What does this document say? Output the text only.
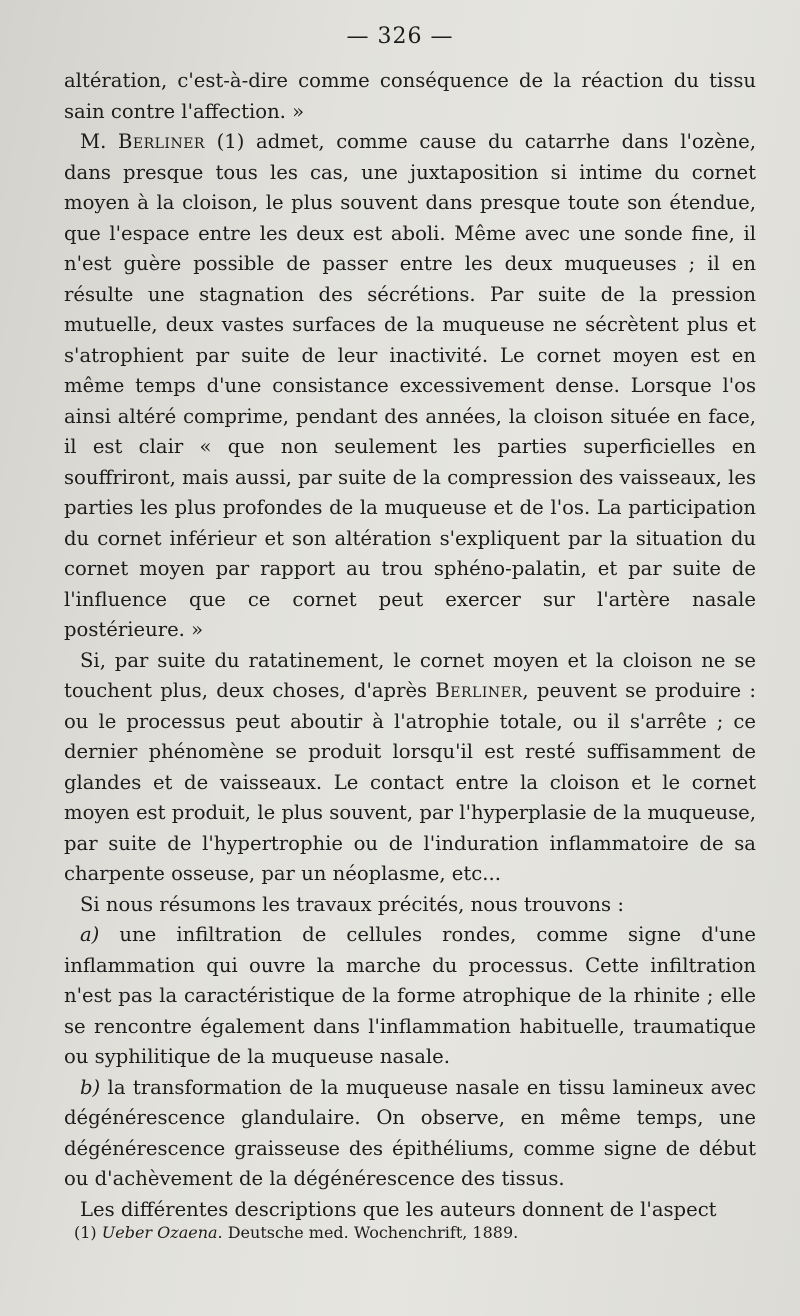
— 326 —

altération, c'est-à-dire comme conséquence de la réaction du tissu sain contre l'affection. »

M. Berliner (1) admet, comme cause du catarrhe dans l'ozène, dans presque tous les cas, une juxtaposition si intime du cornet moyen à la cloison, le plus souvent dans presque toute son étendue, que l'espace entre les deux est aboli. Même avec une sonde fine, il n'est guère possible de passer entre les deux muqueuses ; il en résulte une stagnation des sécrétions. Par suite de la pression mutuelle, deux vastes surfaces de la muqueuse ne sécrètent plus et s'atrophient par suite de leur inactivité. Le cornet moyen est en même temps d'une consistance excessivement dense. Lorsque l'os ainsi altéré comprime, pendant des années, la cloison située en face, il est clair « que non seulement les parties superficielles en souffriront, mais aussi, par suite de la compression des vaisseaux, les parties les plus profondes de la muqueuse et de l'os. La participation du cornet inférieur et son altération s'expliquent par la situation du cornet moyen par rapport au trou sphéno-palatin, et par suite de l'influence que ce cornet peut exercer sur l'artère nasale postérieure. »

Si, par suite du ratatinement, le cornet moyen et la cloison ne se touchent plus, deux choses, d'après Berliner, peuvent se produire : ou le processus peut aboutir à l'atrophie totale, ou il s'arrête ; ce dernier phénomène se produit lorsqu'il est resté suffisamment de glandes et de vaisseaux. Le contact entre la cloison et le cornet moyen est produit, le plus souvent, par l'hyperplasie de la muqueuse, par suite de l'hypertrophie ou de l'induration inflammatoire de sa charpente osseuse, par un néoplasme, etc...

Si nous résumons les travaux précités, nous trouvons :

a) une infiltration de cellules rondes, comme signe d'une inflammation qui ouvre la marche du processus. Cette infiltration n'est pas la caractéristique de la forme atrophique de la rhinite ; elle se rencontre également dans l'inflammation habituelle, traumatique ou syphilitique de la muqueuse nasale.

b) la transformation de la muqueuse nasale en tissu lamineux avec dégénérescence glandulaire. On observe, en même temps, une dégénérescence graisseuse des épithéliums, comme signe de début ou d'achèvement de la dégénérescence des tissus.

Les différentes descriptions que les auteurs donnent de l'aspect

(1) Ueber Ozaena. Deutsche med. Wochenchrift, 1889.
